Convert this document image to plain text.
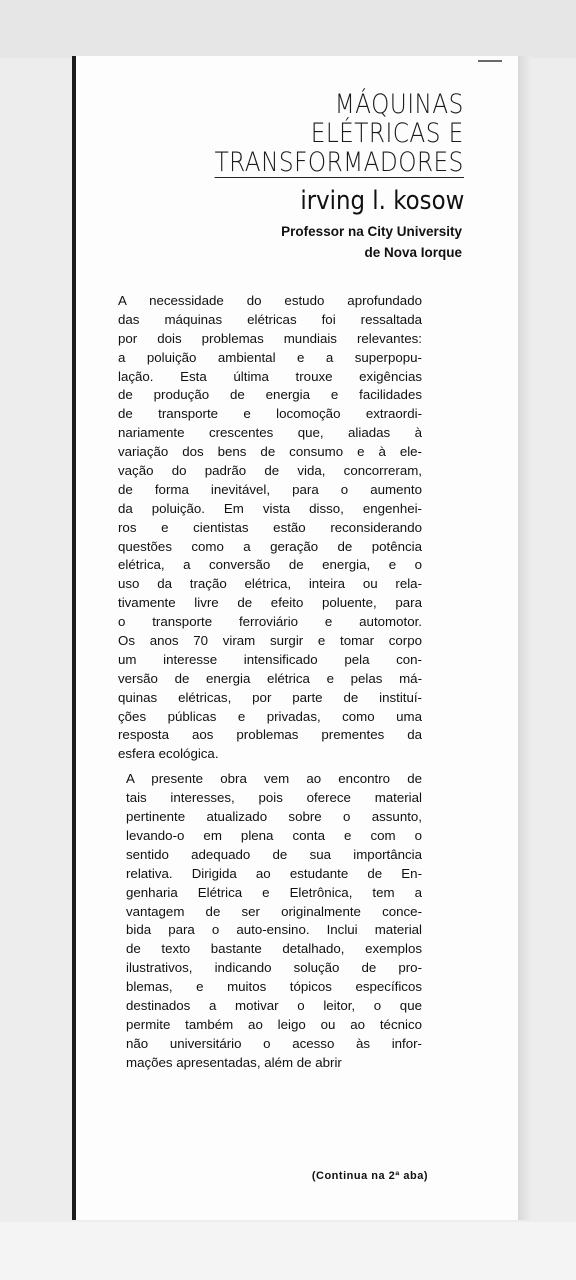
MÁQUINAS
ELÉTRICAS E
TRANSFORMADORES
irving l. kosow
Professor na City University
de Nova Iorque
A necessidade do estudo aprofundado
das máquinas elétricas foi ressaltada
por dois problemas mundiais relevantes:
a poluição ambiental e a superpopu-
lação. Esta última trouxe exigências
de produção de energia e facilidades
de transporte e locomoção extraordi-
nariamente crescentes que, aliadas à
variação dos bens de consumo e à ele-
vação do padrão de vida, concorreram,
de forma inevitável, para o aumento
da poluição. Em vista disso, engenhei-
ros e cientistas estão reconsiderando
questões como a geração de potência
elétrica, a conversão de energia, e o
uso da tração elétrica, inteira ou rela-
tivamente livre de efeito poluente, para
o transporte ferroviário e automotor.
Os anos 70 viram surgir e tomar corpo
um interesse intensificado pela con-
versão de energia elétrica e pelas má-
quinas elétricas, por parte de instituí-
ções públicas e privadas, como uma
resposta aos problemas prementes da
esfera ecológica.
A presente obra vem ao encontro de
tais interesses, pois oferece material
pertinente atualizado sobre o assunto,
levando-o em plena conta e com o
sentido adequado de sua importância
relativa. Dirigida ao estudante de En-
genharia Elétrica e Eletrônica, tem a
vantagem de ser originalmente conce-
bida para o auto-ensino. Inclui material
de texto bastante detalhado, exemplos
ilustrativos, indicando solução de pro-
blemas, e muitos tópicos específicos
destinados a motivar o leitor, o que
permite também ao leigo ou ao técnico
não universitário o acesso às infor-
mações apresentadas, além de abrir
(Continua na 2ª aba)
